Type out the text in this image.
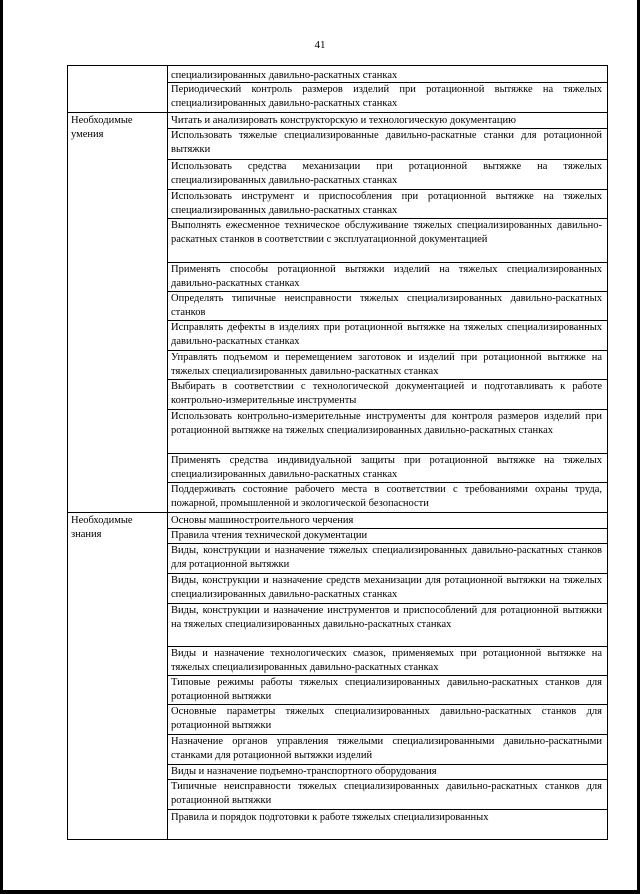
41
специализированных давильно-раскатных станках
Периодический контроль размеров изделий при ротационной вытяжке на тяжелых специализированных давильно-раскатных станках
Необходимые умения
Читать и анализировать конструкторскую и технологическую документацию
Использовать тяжелые специализированные давильно-раскатные станки для ротационной вытяжки
Использовать средства механизации при ротационной вытяжке на тяжелых специализированных давильно-раскатных станках
Использовать инструмент и приспособления при ротационной вытяжке на тяжелых специализированных давильно-раскатных станках
Выполнять ежесменное техническое обслуживание тяжелых специализированных давильно-раскатных станков в соответствии с эксплуатационной документацией
Применять способы ротационной вытяжки изделий на тяжелых специализированных давильно-раскатных станках
Определять типичные неисправности тяжелых специализированных давильно-раскатных станков
Исправлять дефекты в изделиях при ротационной вытяжке на тяжелых специализированных давильно-раскатных станках
Управлять подъемом и перемещением заготовок и изделий при ротационной вытяжке на тяжелых специализированных давильно-раскатных станках
Выбирать в соответствии с технологической документацией и подготавливать к работе контрольно-измерительные инструменты
Использовать контрольно-измерительные инструменты для контроля размеров изделий при ротационной вытяжке на тяжелых специализированных давильно-раскатных станках
Применять средства индивидуальной защиты при ротационной вытяжке на тяжелых специализированных давильно-раскатных станках
Поддерживать состояние рабочего места в соответствии с требованиями охраны труда, пожарной, промышленной и экологической безопасности
Необходимые знания
Основы машиностроительного черчения
Правила чтения технической документации
Виды, конструкции и назначение тяжелых специализированных давильно-раскатных станков для ротационной вытяжки
Виды, конструкции и назначение средств механизации для ротационной вытяжки на тяжелых специализированных давильно-раскатных станках
Виды, конструкции и назначение инструментов и приспособлений для ротационной вытяжки на тяжелых специализированных давильно-раскатных станках
Виды и назначение технологических смазок, применяемых при ротационной вытяжке на тяжелых специализированных давильно-раскатных станках
Типовые режимы работы тяжелых специализированных давильно-раскатных станков для ротационной вытяжки
Основные параметры тяжелых специализированных давильно-раскатных станков для ротационной вытяжки
Назначение органов управления тяжелыми специализированными давильно-раскатными станками для ротационной вытяжки изделий
Виды и назначение подъемно-транспортного оборудования
Типичные неисправности тяжелых специализированных давильно-раскатных станков для ротационной вытяжки
Правила и порядок подготовки к работе тяжелых специализированных
